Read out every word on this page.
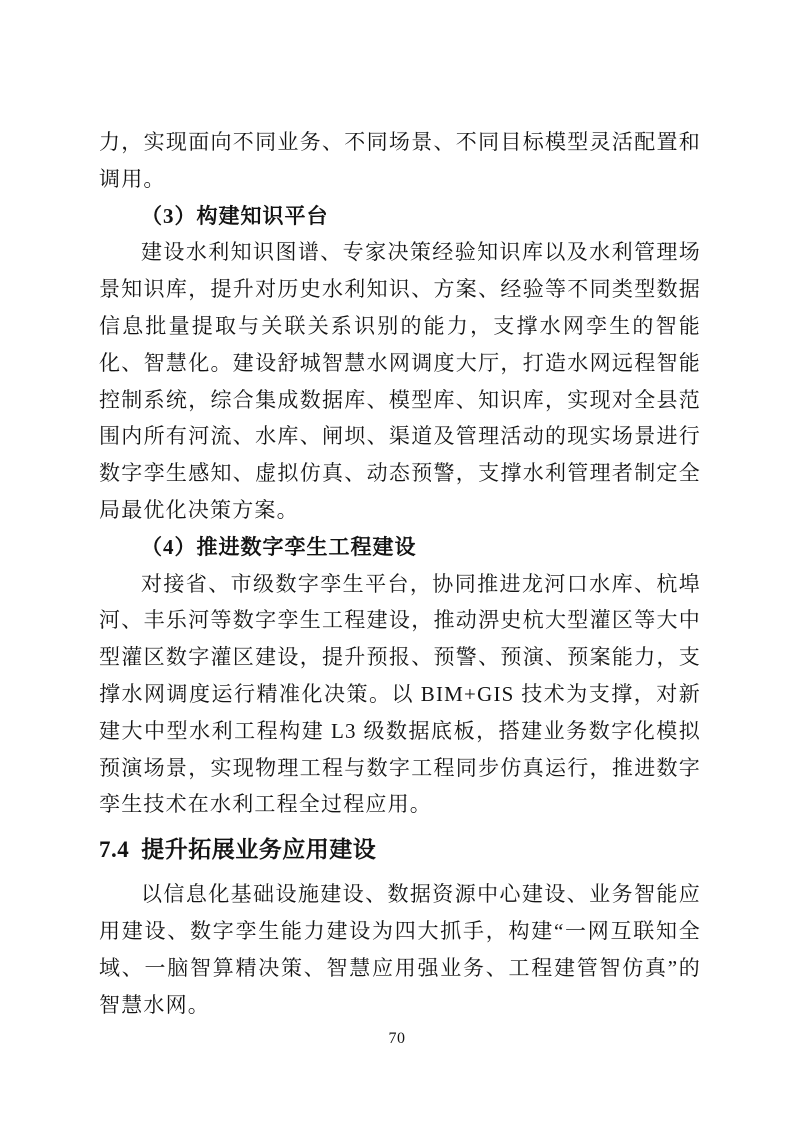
力，实现面向不同业务、不同场景、不同目标模型灵活配置和调用。

（3）构建知识平台

建设水利知识图谱、专家决策经验知识库以及水利管理场景知识库，提升对历史水利知识、方案、经验等不同类型数据信息批量提取与关联关系识别的能力，支撑水网孪生的智能化、智慧化。建设舒城智慧水网调度大厅，打造水网远程智能控制系统，综合集成数据库、模型库、知识库，实现对全县范围内所有河流、水库、闸坝、渠道及管理活动的现实场景进行数字孪生感知、虚拟仿真、动态预警，支撑水利管理者制定全局最优化决策方案。

（4）推进数字孪生工程建设

对接省、市级数字孪生平台，协同推进龙河口水库、杭埠河、丰乐河等数字孪生工程建设，推动淠史杭大型灌区等大中型灌区数字灌区建设，提升预报、预警、预演、预案能力，支撑水网调度运行精准化决策。以 BIM+GIS 技术为支撑，对新建大中型水利工程构建 L3 级数据底板，搭建业务数字化模拟预演场景，实现物理工程与数字工程同步仿真运行，推进数字孪生技术在水利工程全过程应用。

7.4 提升拓展业务应用建设

以信息化基础设施建设、数据资源中心建设、业务智能应用建设、数字孪生能力建设为四大抓手，构建“一网互联知全域、一脑智算精决策、智慧应用强业务、工程建管智仿真”的智慧水网。

70
